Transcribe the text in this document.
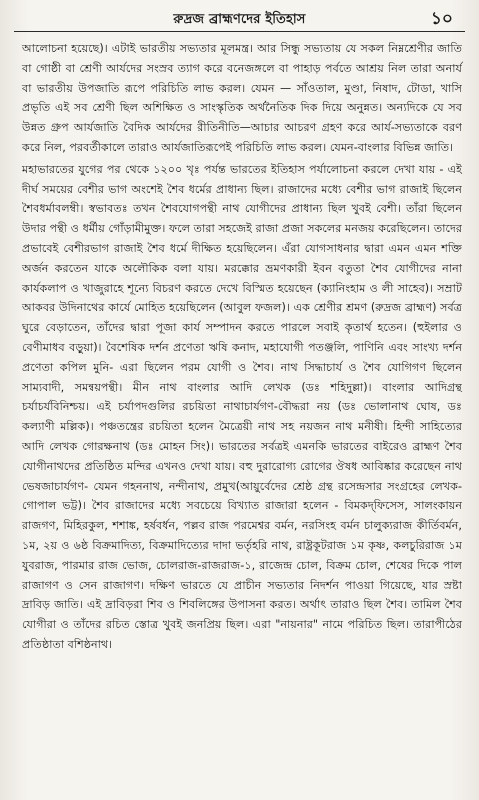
রুদ্রজ ব্রাহ্মণদের ইতিহাস	১০

আলোচনা হয়েছে)। এটাই ভারতীয় সভ্যতার মূলমন্ত্র। আর সিন্ধু সভ্যতায় যে সকল নিম্নশ্রেণীর জাতি বা গোষ্ঠী বা শ্রেণী আর্যদের সংস্রব ত্যাগ করে বনেজঙ্গলে বা পাহাড় পর্বতে আশ্রয় নিল তারা অনার্য বা ভারতীয় উপজাতি রূপে পরিচিতি লাভ করল। যেমন — সাঁওতাল, মুণ্ডা, নিষাদ, টোডা, খাসি প্রভৃতি এই সব শ্রেণী ছিল অশিক্ষিত ও সাংস্কৃতিক অর্থনৈতিক দিক দিয়ে অনুন্নত। অন্যদিকে যে সব উন্নত গ্রুপ আর্যজাতি বৈদিক আর্যদের রীতিনীতি—আচার আচরণ গ্রহণ করে আর্য-সভ্যতাকে বরণ করে নিল, পরবর্তীকালে তারাও আর্যজাতিরূপেই পরিচিতি লাভ করল। যেমন-বাংলার বিভিন্ন জাতি।

মহাভারতের যুগের পর থেকে ১২০০ খৃঃ পর্যন্ত ভারতের ইতিহাস পর্যালোচনা করলে দেখা যায় - এই দীর্ঘ সময়ের বেশীর ভাগ অংশেই শৈব ধর্মের প্রাধান্য ছিল। রাজাদের মধ্যে বেশীর ভাগ রাজাই ছিলেন শৈবধর্মাবলম্বী। স্বভাবতঃ তখন শৈবযোগপন্থী নাথ যোগীদের প্রাধান্য ছিল খুবই বেশী। তাঁরা ছিলেন উদার পন্থী ও ধর্মীয় গোঁড়ামীমুক্ত। ফলে তারা সহজেই রাজা প্রজা সকলের মনজয় করেছিলেন। তাদের প্রভাবেই বেশীরভাগ রাজাই শৈব ধর্মে দীক্ষিত হয়েছিলেন। এঁরা যোগসাধনার দ্বারা এমন এমন শক্তি অর্জন করতেন যাকে অলৌকিক বলা যায়। মরক্কোর ভ্রমণকারী ইবন বতুতা শৈব যোগীদের নানা কার্যকলাপ ও খাজুরাহে শূন্যে বিচরণ করতে দেখে বিস্মিত হয়েছেন (ক্যানিংহাম ও লী সাহেব)। সম্রাট আকবর উদিনাথের কার্যে মোহিত হয়েছিলেন (আবুল ফজল)। এক শ্রেণীর শ্রমণ (রুদ্রজ ব্রাহ্মণ) সর্বত্র ঘুরে বেড়াতেন, তাঁদের দ্বারা পূজা কার্য সম্পাদন করতে পারলে সবাই কৃতার্থ হতেন। (হুইলার ও বেণীমাধব বড়ুয়া)। বৈশেষিক দর্শন প্রণেতা ঋষি কনাদ, মহাযোগী পতঞ্জলি, পাণিনি এবং সাংখ্য দর্শন প্রণেতা কপিল মুনি- এরা ছিলেন পরম যোগী ও শৈব। নাথ সিদ্ধাচার্য ও শৈব যোগিগণ ছিলেন সাম্যবাদী, সমন্বয়পন্থী। মীন নাথ বাংলার আদি লেখক (ডঃ শহিদুল্লা)। বাংলার আদিগ্রন্থ চর্যাচর্যবিনিশ্চয়। এই চর্যাপদগুলির রচয়িতা নাথাচার্যগণ-বৌদ্ধরা নয় (ডঃ ভোলানাথ ঘোষ, ডঃ কল্যাণী মল্লিক)। পঞ্চতন্ত্রের রচয়িতা হলেন মৈত্রেয়ী নাথ সহ নয়জন নাথ মনীষী। হিন্দী সাহিত্যের আদি লেখক গোরক্ষনাথ (ডঃ মোহন সিং)। ভারতের সর্বত্রই এমনকি ভারতের বাইরেও ব্রাহ্মণ শৈব যোগীনাথদের প্রতিষ্ঠিত মন্দির এখনও দেখা যায়। বহু দুরারোগ্য রোগের ঔষধ আবিষ্কার করেছেন নাথ ভেষজাচার্যগণ- যেমন গহননাথ, নন্দীনাথ, প্রমুখ(আয়ুর্বেদের শ্রেষ্ঠ গ্রন্থ রসেন্দ্রসার সংগ্রহের লেখক-গোপাল ভট্ট)। শৈব রাজাদের মধ্যে সবচেয়ে বিখ্যাত রাজারা হলেন - বিমকদ্‌ফিসেস, সালংকায়ন রাজগণ, মিহিরকুল, শশাঙ্ক, হর্ষবর্ধন, পল্লব রাজ পরমেশ্বর বর্মন, নরসিংহ বর্মন চালুক্যরাজ কীর্তিবর্মন, ১ম, ২য় ও ৬ষ্ঠ বিক্রমাদিত্য, বিক্রমাদিত্যের দাদা ভর্তৃহরি নাথ, রাষ্ট্রকূটরাজ ১ম কৃষ্ণ, কলচুরিরাজ ১ম যুবরাজ, পারমার রাজ ভোজ, চোলরাজ-রাজরাজ-১, রাজেন্দ্র চোল, বিক্রম চোল, শেষের দিকে পাল রাজাগণ ও সেন রাজাগণ। দক্ষিণ ভারতে যে প্রাচীন সভ্যতার নিদর্শন পাওয়া গিয়েছে, যার স্রষ্টা দ্রাবিড় জাতি। এই দ্রাবিড়রা শিব ও শিবলিঙ্গের উপাসনা করত। অর্থাৎ তারাও ছিল শৈব। তামিল শৈব যোগীরা ও তাঁদের রচিত স্তোত্র খুবই জনপ্রিয় ছিল। এরা "নায়নার" নামে পরিচিত ছিল। তারাপীঠের প্রতিষ্ঠাতা বশিষ্ঠনাথ।
